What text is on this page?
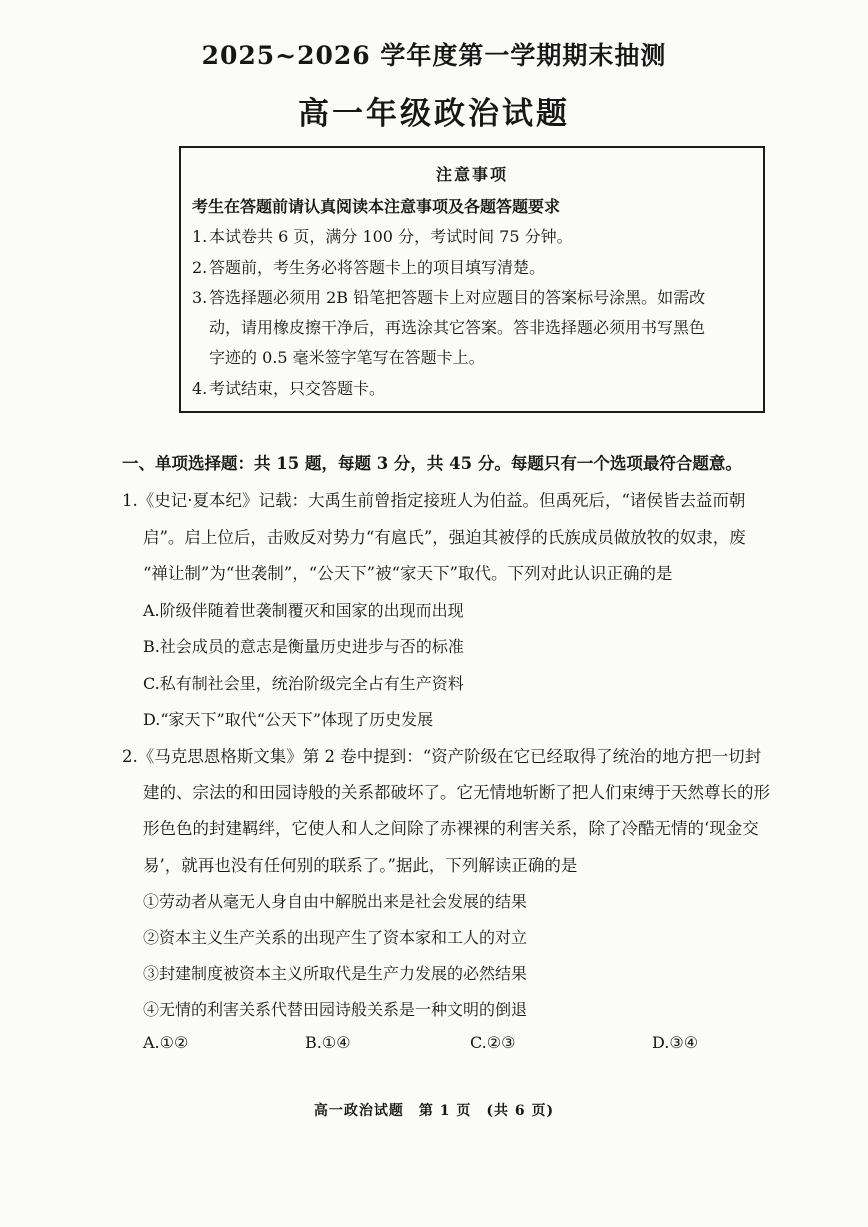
2025~2026 学年度第一学期期末抽测
高一年级政治试题
注意事项
考生在答题前请认真阅读本注意事项及各题答题要求
1. 本试卷共 6 页，满分 100 分，考试时间 75 分钟。
2. 答题前，考生务必将答题卡上的项目填写清楚。
3. 答选择题必须用 2B 铅笔把答题卡上对应题目的答案标号涂黑。如需改
动，请用橡皮擦干净后，再选涂其它答案。答非选择题必须用书写黑色
字迹的 0.5 毫米签字笔写在答题卡上。
4. 考试结束，只交答题卡。
一、单项选择题：共 15 题，每题 3 分，共 45 分。每题只有一个选项最符合题意。
1.《史记·夏本纪》记载：大禹生前曾指定接班人为伯益。但禹死后，“诸侯皆去益而朝
启”。启上位后，击败反对势力“有扈氏”，强迫其被俘的氏族成员做放牧的奴隶，废
“禅让制”为“世袭制”，“公天下”被“家天下”取代。下列对此认识正确的是
A.阶级伴随着世袭制覆灭和国家的出现而出现
B.社会成员的意志是衡量历史进步与否的标准
C.私有制社会里，统治阶级完全占有生产资料
D.“家天下”取代“公天下”体现了历史发展
2.《马克思恩格斯文集》第 2 卷中提到：“资产阶级在它已经取得了统治的地方把一切封
建的、宗法的和田园诗般的关系都破坏了。它无情地斩断了把人们束缚于天然尊长的形
形色色的封建羁绊，它使人和人之间除了赤裸裸的利害关系，除了冷酷无情的‘现金交
易’，就再也没有任何别的联系了。”据此，下列解读正确的是
①劳动者从毫无人身自由中解脱出来是社会发展的结果
②资本主义生产关系的出现产生了资本家和工人的对立
③封建制度被资本主义所取代是生产力发展的必然结果
④无情的利害关系代替田园诗般关系是一种文明的倒退
A.①②	B.①④	C.②③	D.③④
高一政治试题　第 1 页　(共 6 页)
